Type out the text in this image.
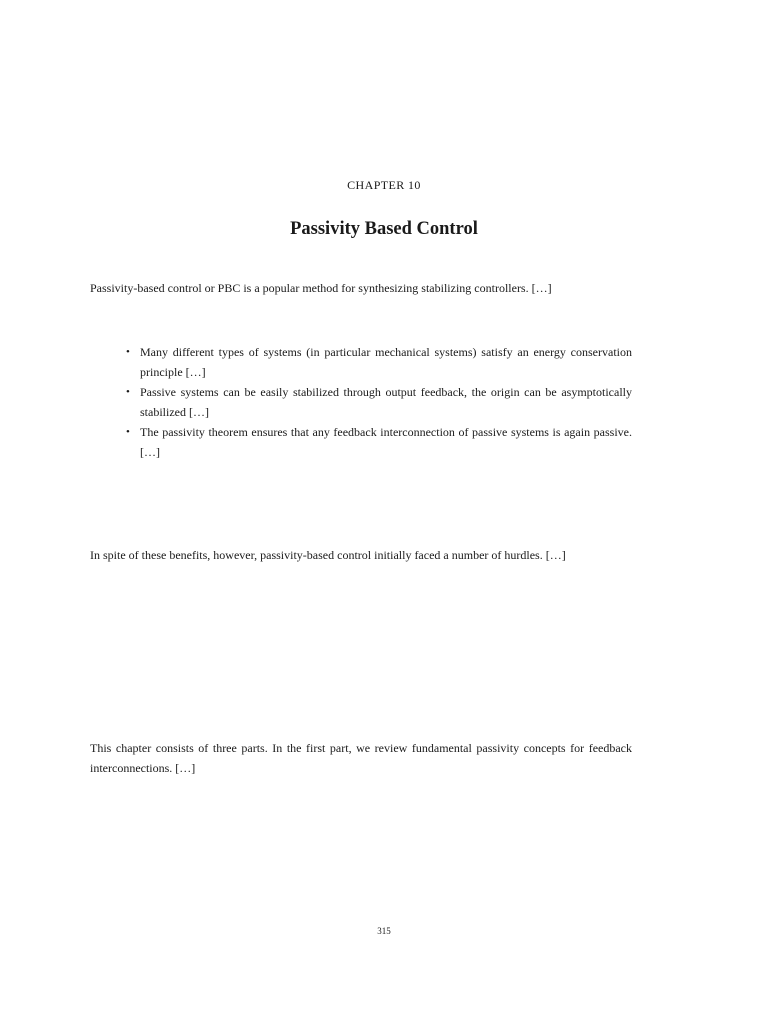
CHAPTER 10
Passivity Based Control

Passivity-based control or PBC is a popular method for synthesizing stabilizing controllers. […]

• Many different types of systems (in particular mechanical systems) satisfy an energy conservation principle […]
• Passive systems can be easily stabilized through output feedback, the origin can be asymptotically stabilized […]
• The passivity theorem ensures that any feedback interconnection of passive systems is again passive. […]

In spite of these benefits, however, passivity-based control initially faced a number of hurdles. […]

This chapter consists of three parts. In the first part, we review fundamental passivity concepts for feedback interconnections. […]

315
